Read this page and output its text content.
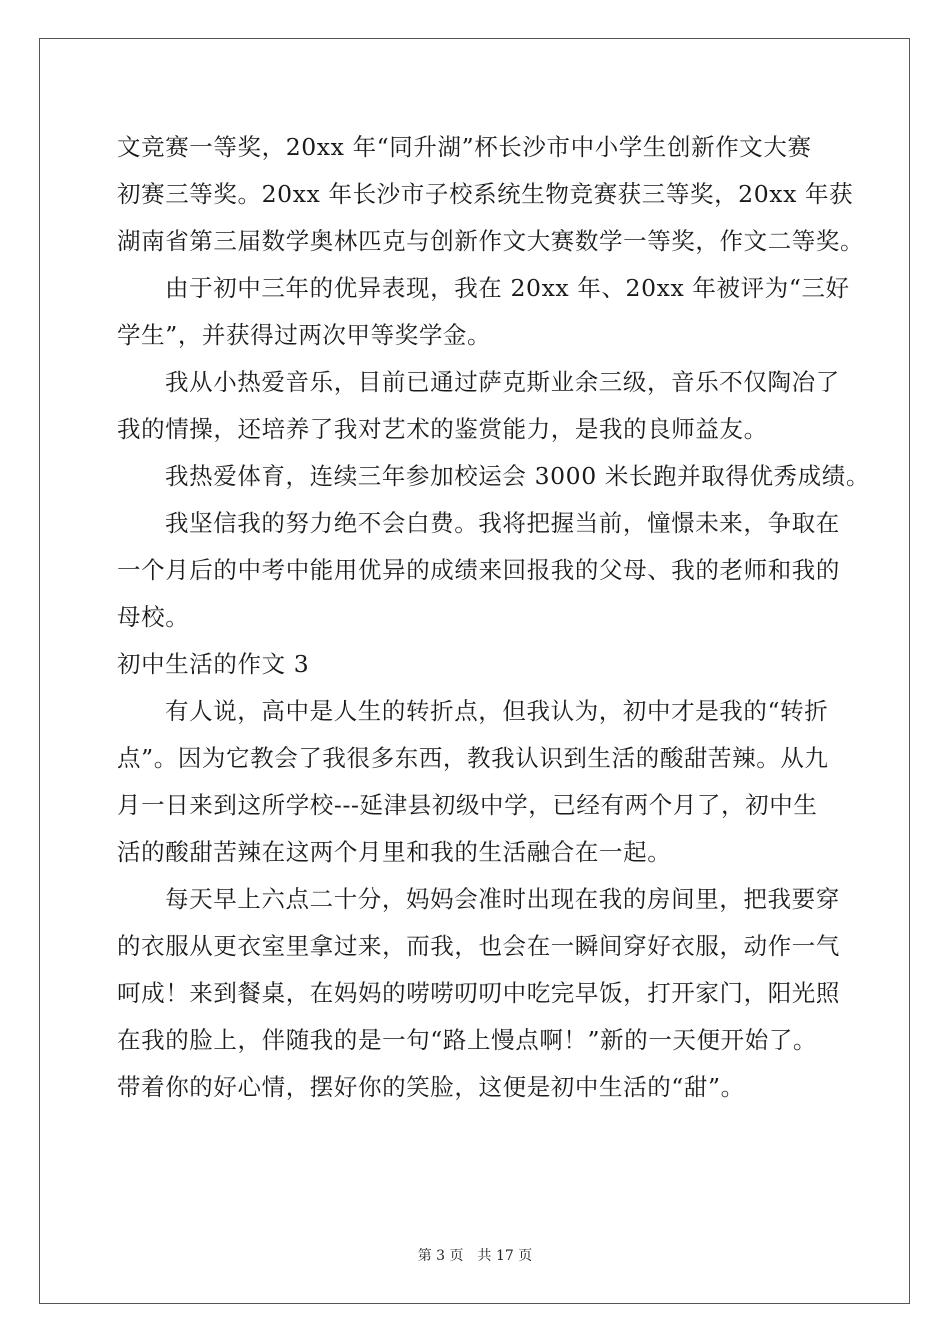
文竞赛一等奖，20xx 年“同升湖”杯长沙市中小学生创新作文大赛
初赛三等奖。20xx 年长沙市子校系统生物竞赛获三等奖，20xx 年获
湖南省第三届数学奥林匹克与创新作文大赛数学一等奖，作文二等奖。
由于初中三年的优异表现，我在 20xx 年、20xx 年被评为“三好
学生”，并获得过两次甲等奖学金。
我从小热爱音乐，目前已通过萨克斯业余三级，音乐不仅陶冶了
我的情操，还培养了我对艺术的鉴赏能力，是我的良师益友。
我热爱体育，连续三年参加校运会 3000 米长跑并取得优秀成绩。
我坚信我的努力绝不会白费。我将把握当前，憧憬未来，争取在
一个月后的中考中能用优异的成绩来回报我的父母、我的老师和我的
母校。
初中生活的作文 3
有人说，高中是人生的转折点，但我认为，初中才是我的“转折
点”。因为它教会了我很多东西，教我认识到生活的酸甜苦辣。从九
月一日来到这所学校---延津县初级中学，已经有两个月了，初中生
活的酸甜苦辣在这两个月里和我的生活融合在一起。
每天早上六点二十分，妈妈会准时出现在我的房间里，把我要穿
的衣服从更衣室里拿过来，而我，也会在一瞬间穿好衣服，动作一气
呵成！来到餐桌，在妈妈的唠唠叨叨中吃完早饭，打开家门，阳光照
在我的脸上，伴随我的是一句“路上慢点啊！”新的一天便开始了。
带着你的好心情，摆好你的笑脸，这便是初中生活的“甜”。
第 3 页 共 17 页
